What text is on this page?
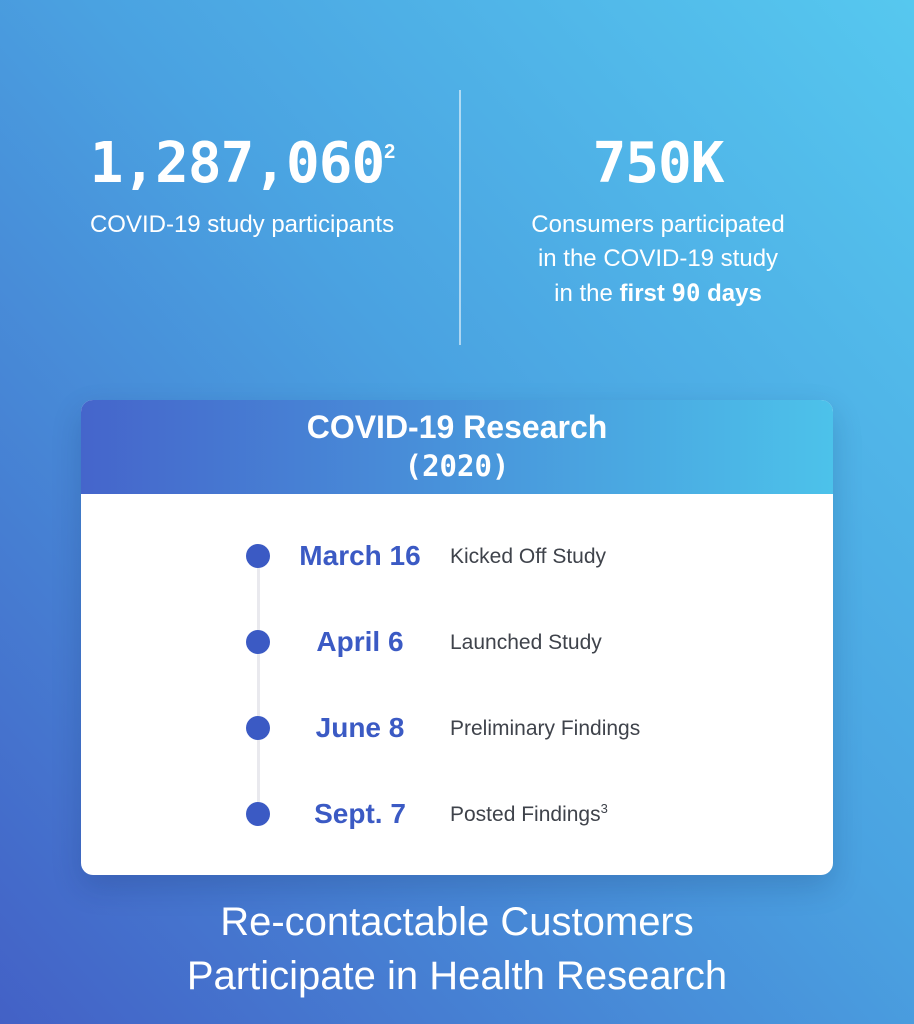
1,287,060$^2$
COVID-19 study participants
750K
Consumers participated
in the COVID-19 study
in the first 90 days
COVID-19 Research
(2020)
March 16	Kicked Off Study
April 6	Launched Study
June 8	Preliminary Findings
Sept. 7	Posted Findings$^3$
Re-contactable Customers
Participate in Health Research
